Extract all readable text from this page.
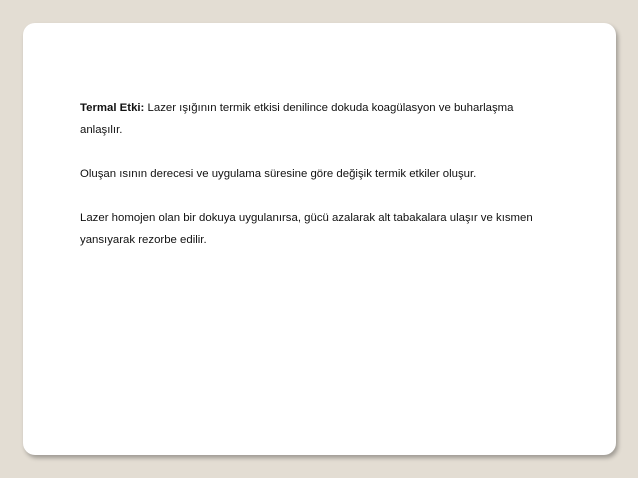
Termal Etki: Lazer ışığının termik etkisi denilince dokuda koagülasyon ve buharlaşma anlaşılır.

Oluşan ısının derecesi ve uygulama süresine göre değişik termik etkiler oluşur.

Lazer homojen olan bir dokuya uygulanırsa, gücü azalarak alt tabakalara ulaşır ve kısmen yansıyarak rezorbe edilir.
